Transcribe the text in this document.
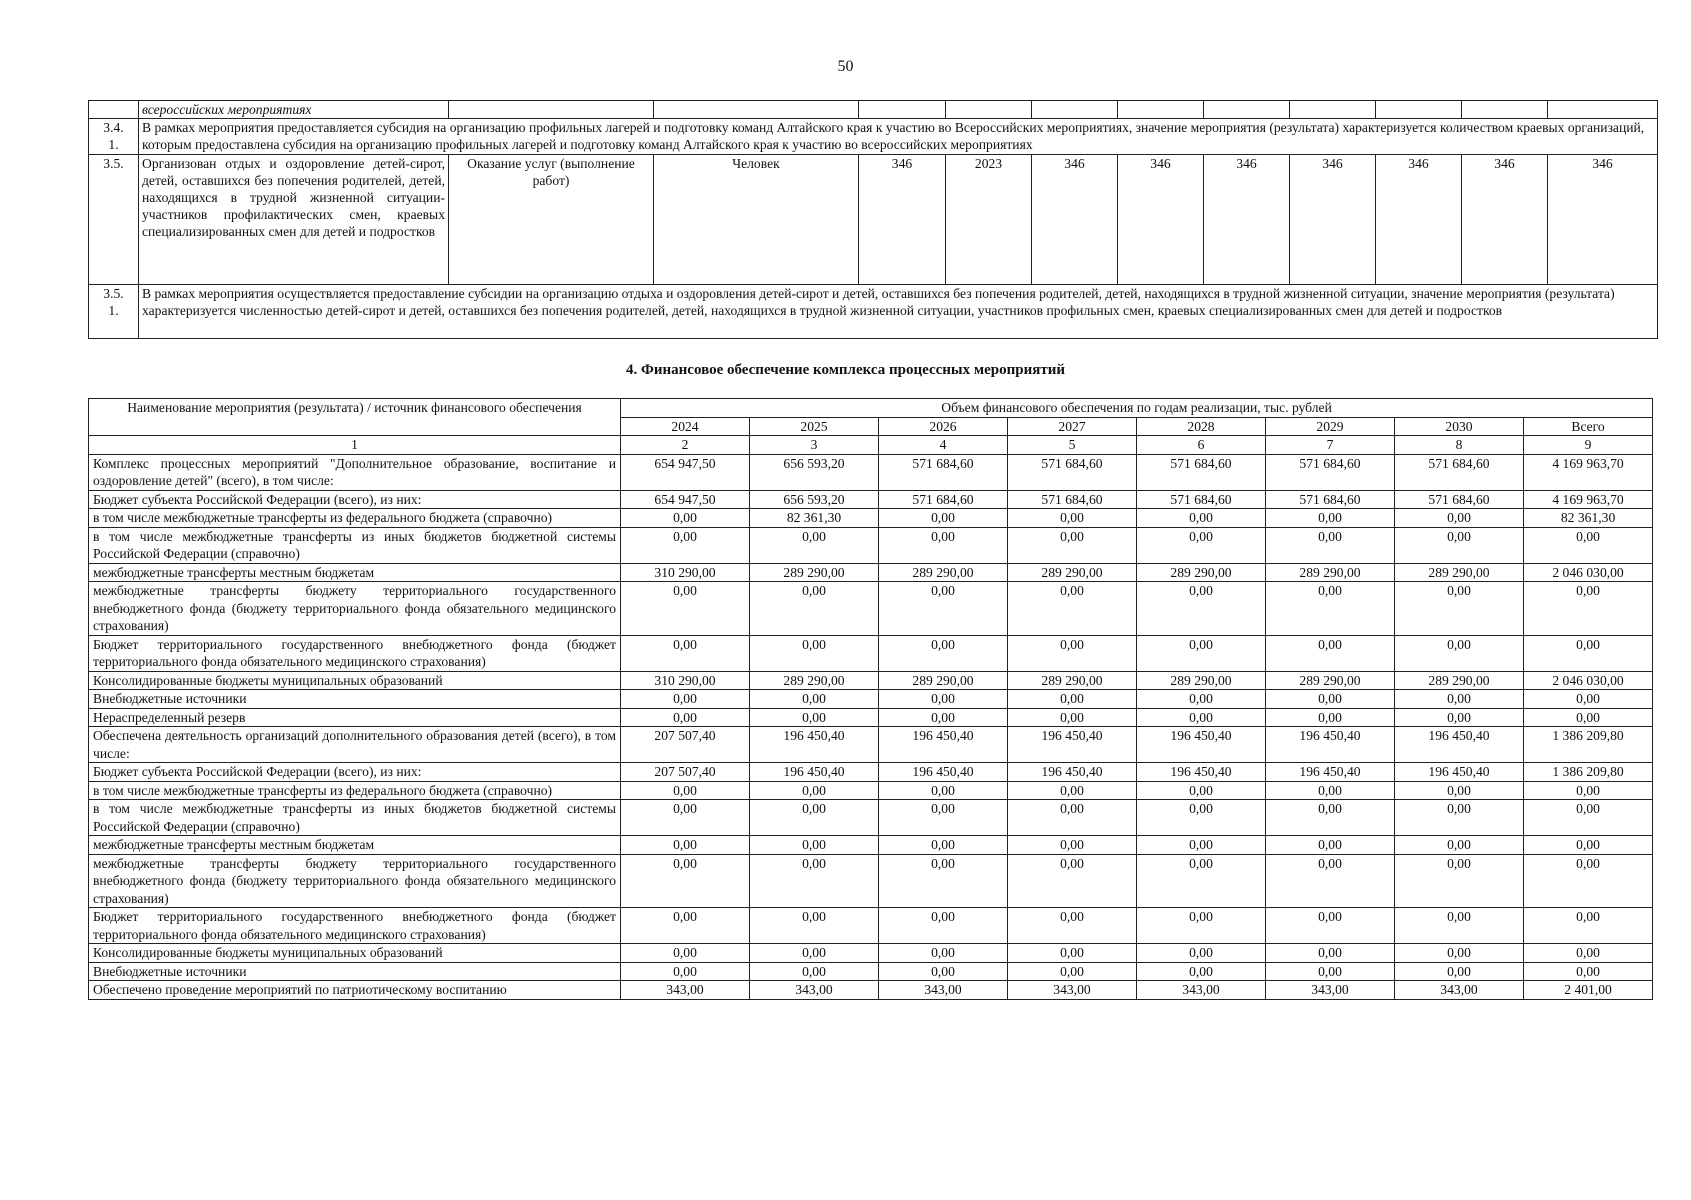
50
	всероссийских мероприятиях											
3.4.
1.	В рамках мероприятия предоставляется субсидия на организацию профильных лагерей и подготовку команд Алтайского края к участию во Всероссийских мероприятиях, значение мероприятия (результата) характеризуется количеством краевых организаций, которым предоставлена субсидия на организацию профильных лагерей и подготовку команд Алтайского края к участию во всероссийских мероприятиях											
3.5.	Организован отдых и оздоровление детей-сирот, детей, оставшихся без попечения родителей, детей, находящихся в трудной жизненной ситуации-участников профилактических смен, краевых специализированных смен для детей и подростков	Оказание услуг (выполнение работ)	Человек	346	2023	346	346	346	346	346	346	346
3.5.
1.	В рамках мероприятия осуществляется предоставление субсидии на организацию отдыха и оздоровления детей-сирот и детей, оставшихся без попечения родителей, детей, находящихся в трудной жизненной ситуации, значение мероприятия (результата) характеризуется численностью детей-сирот и детей, оставшихся без попечения родителей, детей, находящихся в трудной жизненной ситуации, участников профильных смен, краевых специализированных смен для детей и подростков											
4. Финансовое обеспечение комплекса процессных мероприятий
Наименование мероприятия (результата) / источник финансового обеспечения	Объем финансового обеспечения по годам реализации, тыс. рублей							
	2024	2025	2026	2027	2028	2029	2030	Всего
1	2	3	4	5	6	7	8	9
Комплекс процессных мероприятий "Дополнительное образование, воспитание и оздоровление детей" (всего), в том числе:	654 947,50	656 593,20	571 684,60	571 684,60	571 684,60	571 684,60	571 684,60	4 169 963,70
Бюджет субъекта Российской Федерации (всего), из них:	654 947,50	656 593,20	571 684,60	571 684,60	571 684,60	571 684,60	571 684,60	4 169 963,70
в том числе межбюджетные трансферты из федерального бюджета (справочно)	0,00	82 361,30	0,00	0,00	0,00	0,00	0,00	82 361,30
в том числе межбюджетные трансферты из иных бюджетов бюджетной системы Российской Федерации (справочно)	0,00	0,00	0,00	0,00	0,00	0,00	0,00	0,00
межбюджетные трансферты местным бюджетам	310 290,00	289 290,00	289 290,00	289 290,00	289 290,00	289 290,00	289 290,00	2 046 030,00
межбюджетные трансферты бюджету территориального государственного внебюджетного фонда (бюджету территориального фонда обязательного медицинского страхования)	0,00	0,00	0,00	0,00	0,00	0,00	0,00	0,00
Бюджет территориального государственного внебюджетного фонда (бюджет территориального фонда обязательного медицинского страхования)	0,00	0,00	0,00	0,00	0,00	0,00	0,00	0,00
Консолидированные бюджеты муниципальных образований	310 290,00	289 290,00	289 290,00	289 290,00	289 290,00	289 290,00	289 290,00	2 046 030,00
Внебюджетные источники	0,00	0,00	0,00	0,00	0,00	0,00	0,00	0,00
Нераспределенный резерв	0,00	0,00	0,00	0,00	0,00	0,00	0,00	0,00
Обеспечена деятельность организаций дополнительного образования детей (всего), в том числе:	207 507,40	196 450,40	196 450,40	196 450,40	196 450,40	196 450,40	196 450,40	1 386 209,80
Бюджет субъекта Российской Федерации (всего), из них:	207 507,40	196 450,40	196 450,40	196 450,40	196 450,40	196 450,40	196 450,40	1 386 209,80
в том числе межбюджетные трансферты из федерального бюджета (справочно)	0,00	0,00	0,00	0,00	0,00	0,00	0,00	0,00
в том числе межбюджетные трансферты из иных бюджетов бюджетной системы Российской Федерации (справочно)	0,00	0,00	0,00	0,00	0,00	0,00	0,00	0,00
межбюджетные трансферты местным бюджетам	0,00	0,00	0,00	0,00	0,00	0,00	0,00	0,00
межбюджетные трансферты бюджету территориального государственного внебюджетного фонда (бюджету территориального фонда обязательного медицинского страхования)	0,00	0,00	0,00	0,00	0,00	0,00	0,00	0,00
Бюджет территориального государственного внебюджетного фонда (бюджет территориального фонда обязательного медицинского страхования)	0,00	0,00	0,00	0,00	0,00	0,00	0,00	0,00
Консолидированные бюджеты муниципальных образований	0,00	0,00	0,00	0,00	0,00	0,00	0,00	0,00
Внебюджетные источники	0,00	0,00	0,00	0,00	0,00	0,00	0,00	0,00
Обеспечено проведение мероприятий по патриотическому воспитанию	343,00	343,00	343,00	343,00	343,00	343,00	343,00	2 401,00
